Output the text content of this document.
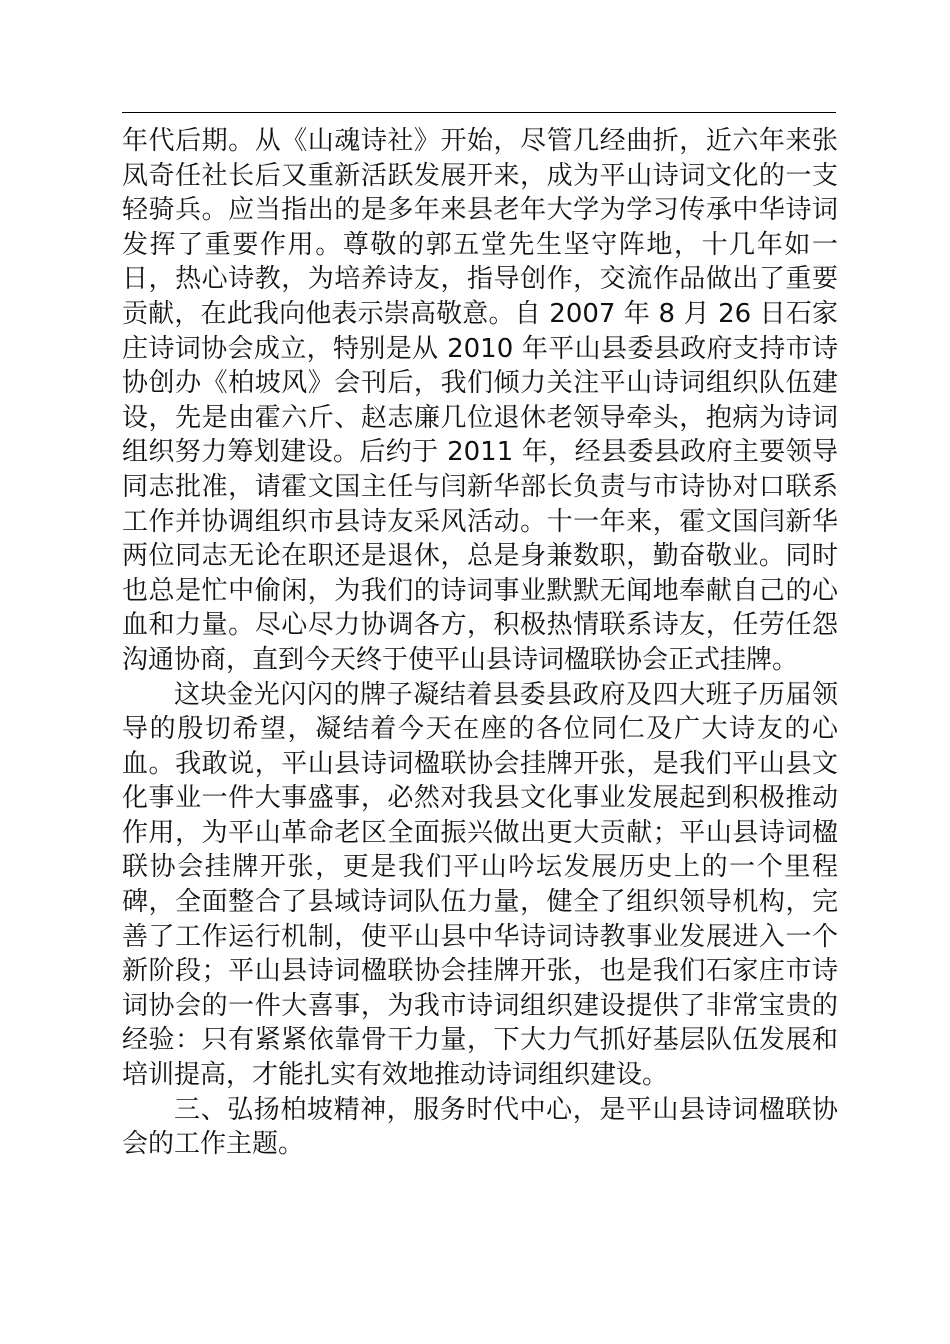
年代后期。从《山魂诗社》开始，尽管几经曲折，近六年来张凤奇任社长后又重新活跃发展开来，成为平山诗词文化的一支轻骑兵。应当指出的是多年来县老年大学为学习传承中华诗词发挥了重要作用。尊敬的郭五堂先生坚守阵地，十几年如一日，热心诗教，为培养诗友，指导创作，交流作品做出了重要贡献，在此我向他表示崇高敬意。自 2007 年 8 月 26 日石家庄诗词协会成立，特别是从 2010 年平山县委县政府支持市诗协创办《柏坡风》会刊后，我们倾力关注平山诗词组织队伍建设，先是由霍六斤、赵志廉几位退休老领导牵头，抱病为诗词组织努力筹划建设。后约于 2011 年，经县委县政府主要领导同志批准，请霍文国主任与闫新华部长负责与市诗协对口联系工作并协调组织市县诗友采风活动。十一年来，霍文国闫新华两位同志无论在职还是退休，总是身兼数职，勤奋敬业。同时也总是忙中偷闲，为我们的诗词事业默默无闻地奉献自己的心血和力量。尽心尽力协调各方，积极热情联系诗友，任劳任怨沟通协商，直到今天终于使平山县诗词楹联协会正式挂牌。

这块金光闪闪的牌子凝结着县委县政府及四大班子历届领导的殷切希望，凝结着今天在座的各位同仁及广大诗友的心血。我敢说，平山县诗词楹联协会挂牌开张，是我们平山县文化事业一件大事盛事，必然对我县文化事业发展起到积极推动作用，为平山革命老区全面振兴做出更大贡献；平山县诗词楹联协会挂牌开张，更是我们平山吟坛发展历史上的一个里程碑，全面整合了县域诗词队伍力量，健全了组织领导机构，完善了工作运行机制，使平山县中华诗词诗教事业发展进入一个新阶段；平山县诗词楹联协会挂牌开张，也是我们石家庄市诗词协会的一件大喜事，为我市诗词组织建设提供了非常宝贵的经验：只有紧紧依靠骨干力量，下大力气抓好基层队伍发展和培训提高，才能扎实有效地推动诗词组织建设。

三、弘扬柏坡精神，服务时代中心，是平山县诗词楹联协会的工作主题。
